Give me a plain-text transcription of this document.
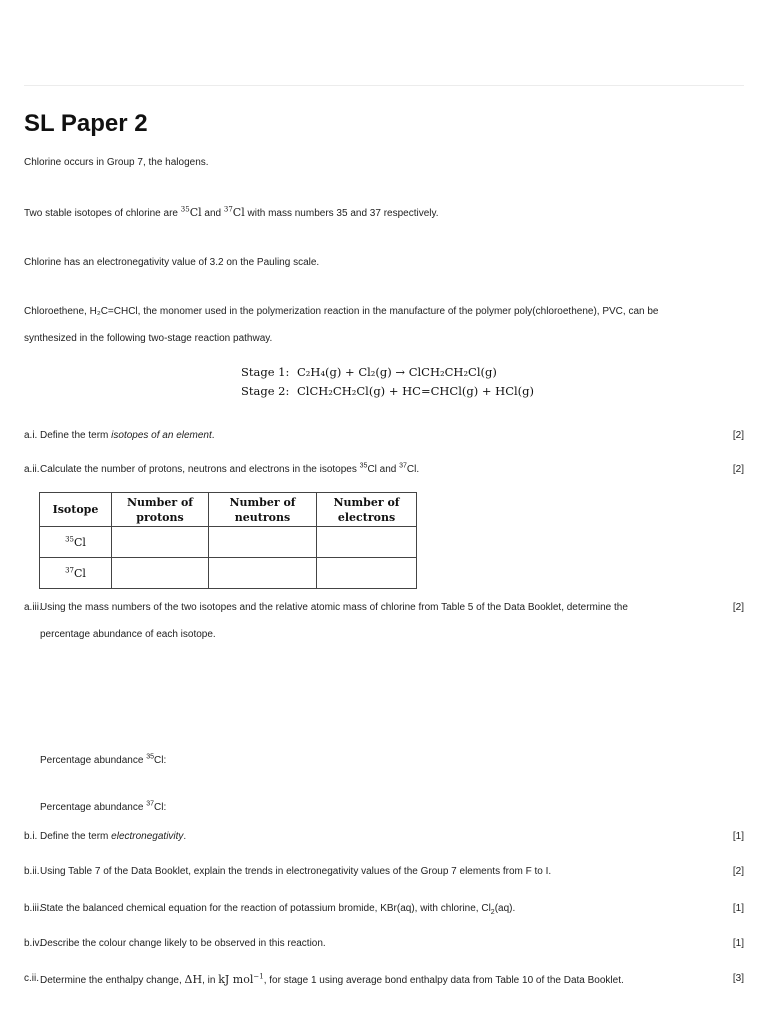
SL Paper 2
Chlorine occurs in Group 7, the halogens.
Two stable isotopes of chlorine are $^{35}$Cl and $^{37}$Cl with mass numbers 35 and 37 respectively.
Chlorine has an electronegativity value of 3.2 on the Pauling scale.
Chloroethene, H₂C=CHCl, the monomer used in the polymerization reaction in the manufacture of the polymer poly(chloroethene), PVC, can be
synthesized in the following two-stage reaction pathway.
Stage 1: C₂H₄(g) + Cl₂(g) → ClCH₂CH₂Cl(g)
Stage 2: ClCH₂CH₂Cl(g) + HC=CHCl(g) + HCl(g)
a.i. Define the term isotopes of an element.	[2]
a.ii. Calculate the number of protons, neutrons and electrons in the isotopes $^{35}$Cl and $^{37}$Cl.	[2]
Isotope	Number of protons	Number of neutrons	Number of electrons
$^{35}$Cl			
$^{37}$Cl			
a.iii.
Using the mass numbers of the two isotopes and the relative atomic mass of chlorine from Table 5 of the Data Booklet, determine the
percentage abundance of each isotope.
[2]
Percentage abundance $^{35}$Cl:
Percentage abundance $^{37}$Cl:
b.i. Define the term electronegativity.	[1]
b.ii. Using Table 7 of the Data Booklet, explain the trends in electronegativity values of the Group 7 elements from F to I.	[2]
b.iii.
State the balanced chemical equation for the reaction of potassium bromide, KBr(aq), with chlorine, $Cl_2(aq)$.	[1]
b.iv.
Describe the colour change likely to be observed in this reaction.	[1]
c.ii. Determine the enthalpy change, ΔH, in kJ mol$^{-1}$, for stage 1 using average bond enthalpy data from Table 10 of the Data Booklet.	[3]
